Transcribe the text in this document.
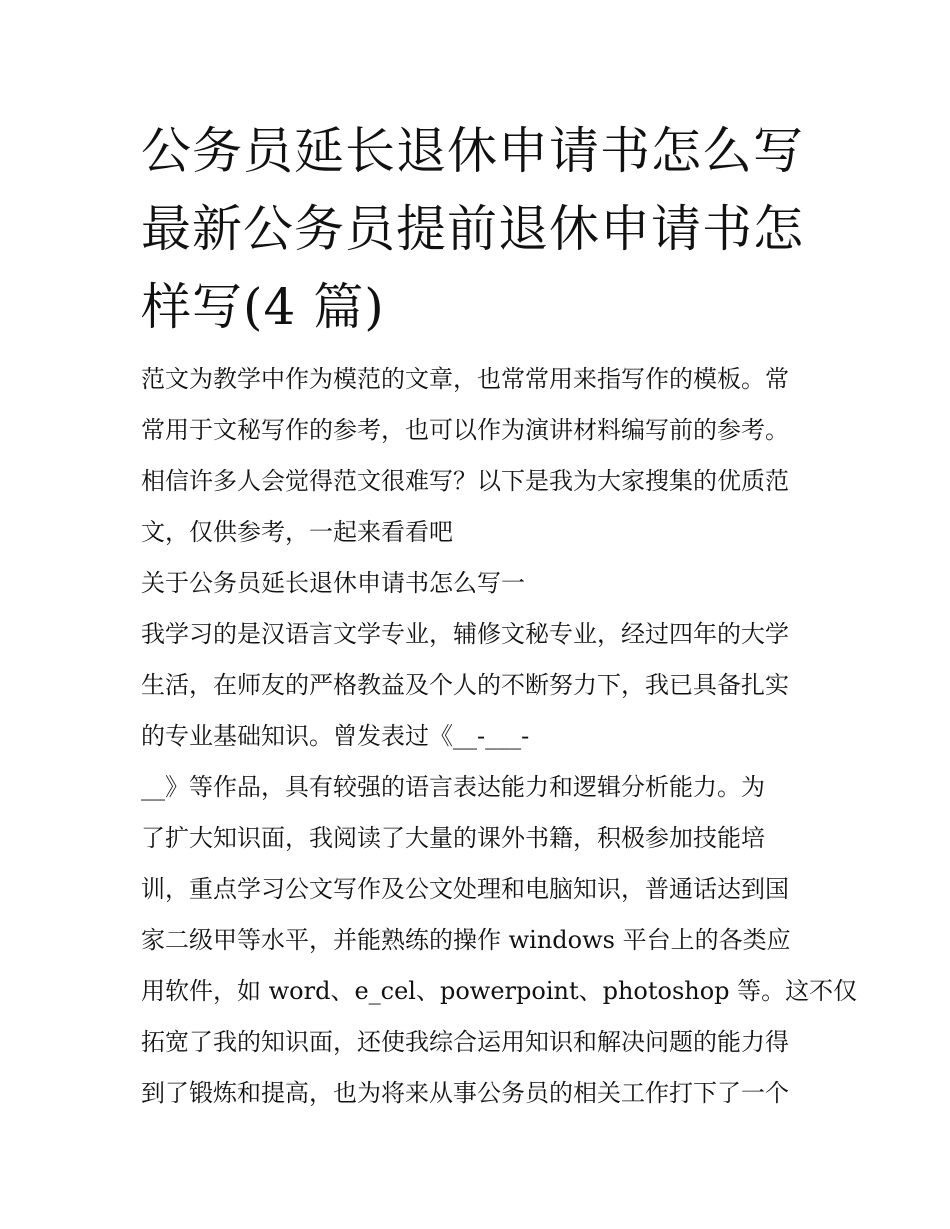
公务员延长退休申请书怎么写
最新公务员提前退休申请书怎
样写(4 篇)
范文为教学中作为模范的文章，也常常用来指写作的模板。常
常用于文秘写作的参考，也可以作为演讲材料编写前的参考。
相信许多人会觉得范文很难写？以下是我为大家搜集的优质范
文，仅供参考，一起来看看吧
关于公务员延长退休申请书怎么写一
我学习的是汉语言文学专业，辅修文秘专业，经过四年的大学
生活，在师友的严格教益及个人的不断努力下，我已具备扎实
的专业基础知识。曾发表过《__-___-
__》等作品，具有较强的语言表达能力和逻辑分析能力。为
了扩大知识面，我阅读了大量的课外书籍，积极参加技能培
训，重点学习公文写作及公文处理和电脑知识，普通话达到国
家二级甲等水平，并能熟练的操作 windows 平台上的各类应
用软件，如 word、e_cel、powerpoint、photoshop 等。这不仅
拓宽了我的知识面，还使我综合运用知识和解决问题的能力得
到了锻炼和提高，也为将来从事公务员的相关工作打下了一个
